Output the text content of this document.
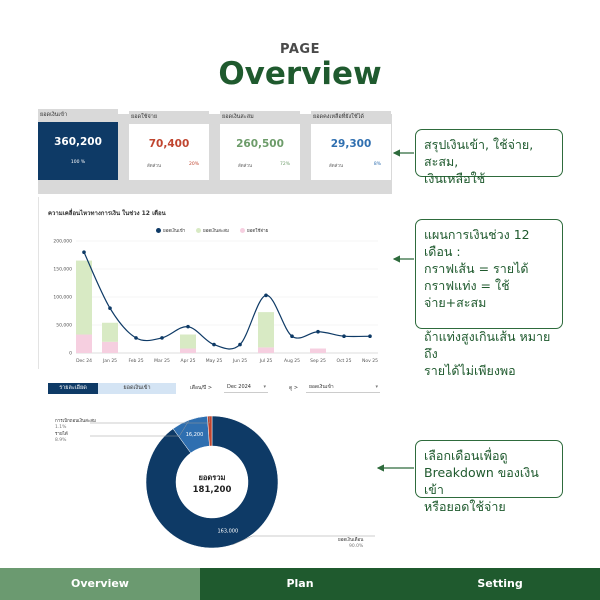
PAGE
Overview
ยอดเงินเข้า
360,200
100 %
ยอดใช้จ่าย
70,400
สัดส่วน	20%
ยอดเงินสะสม
260,500
สัดส่วน	72%
ยอดคงเหลือที่ยังใช้ได้
29,300
สัดส่วน	8%
สรุปเงินเข้า, ใช้จ่าย, สะสม,
เงินเหลือใช้
แผนการเงินช่วง 12 เดือน :
กราฟเส้น = รายได้
กราฟแท่ง = ใช้จ่าย+สะสม

ถ้าแท่งสูงเกินเส้น หมายถึง
รายได้ไม่เพียงพอ
เลือกเดือนเพื่อดู
Breakdown ของเงินเข้า
หรือยอดใช้จ่าย
ความเคลื่อนไหวทางการเงิน ในช่วง 12 เดือน
ยอดเงินเข้า	ยอดเงินสะสม	ยอดใช้จ่าย
0
50,000
100,000
150,000
200,000
Dec 24 Jan 25	Feb 25 Mar 25 Apr 25 May 25 Jun 25	Jul 25	Aug 25 Sep 25 Oct 25 Nov 25
รายละเอียด	ยอดเงินเข้า	เดือน/ปี >	Dec 2024 ▾	ดู >	ยอดเงินเข้า	▾
ยอดรวม
181,200
163,000
16,200
การเบิกถอนเงินสะสม
1.1%
รายได้
8.9%
ยอดเงินเดือน
90.0%
Overview	Plan	Setting
